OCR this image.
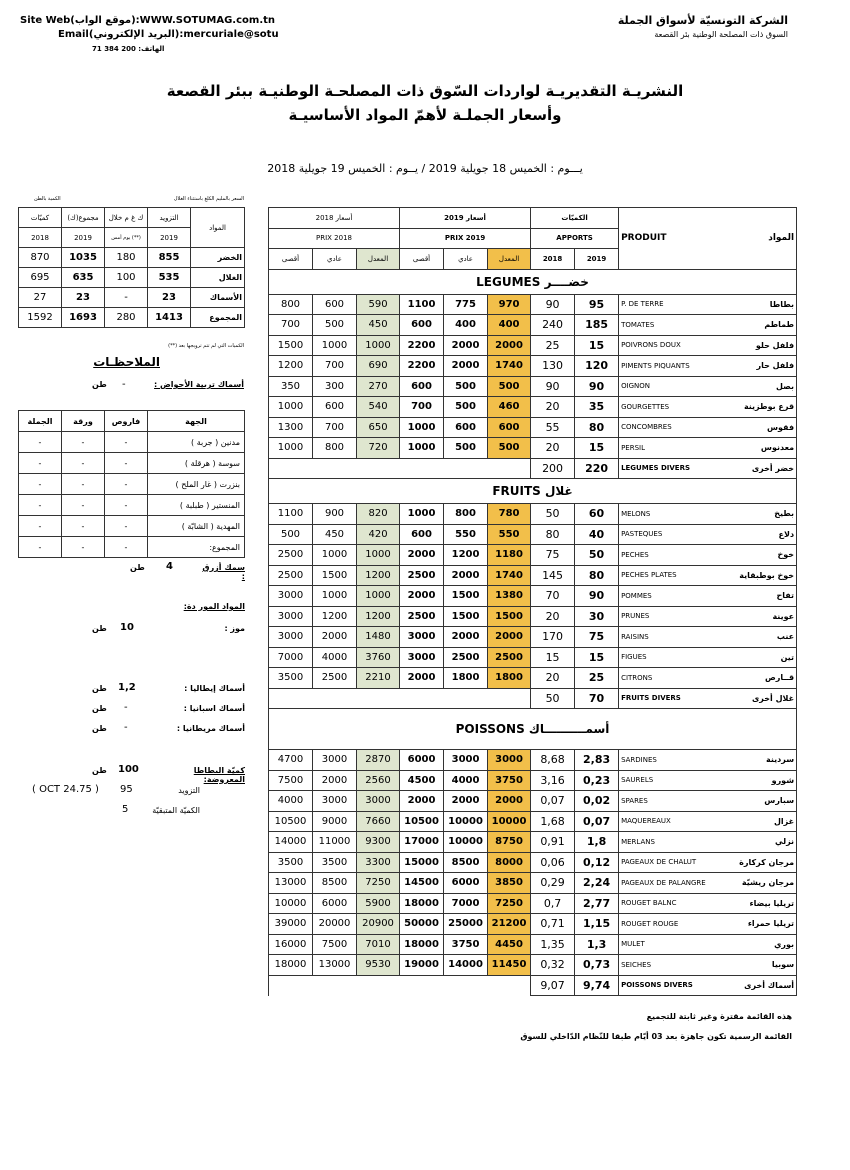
Site Web(موقع الواب):WWW.SOTUMAG.com.tn
Email(البريد الإلكتروني):mercuriale@sotu
الهاتف: 200 384 71
الشركة التونسيّة لأسواق الجملة
السوق ذات المصلحة الوطنية بئر القصعة
النشريـة التقديريـة لواردات السّوق ذات المصلحـة الوطنيـة ببئر القصعة
وأسعار الجملـة لأهمّ المواد الأساسيـة
يـــوم : الخميس 18 جويلية 2019 / يــوم : الخميس 19 جويلية 2018
السعر بالمليم الكلغ باستثناء الغلال
الكمية بالطن
كميّات	مجموع(ك)	ك غ م خلال	التزويد	المواد
2018	2019	يوم أمس (**)	2019	
870	1035	180	855	الخضر
695	635	100	535	الغلال
27	23	-	23	الأسماك
1592	1693	280	1413	المجموع
الكميات التي لم تتم ترويجها بعد (**)
الملاحظـات
أسماك تربية الأحواض :
-
طن
الجملة	ورقة	فاروص	الجهة
-	-	-	مدنين ( جربة )
-	-	-	سوسة ( هرقلة )
-	-	-	بنزرت ( غار الملح )
-	-	-	المنستير ( طبلبة )
-	-	-	المهدية ( الشابّة )
-	-	-	المجموع:
سمك أزرق :
4
طن
المواد المور دة:
موز :
10
طن
أسماك إيطاليا :
1,2
طن
أسماك اسبانيا :
-
طن
أسماك مريطانيا :
-
طن
كميّة البطاطا المعروضة:
100
طن
التزويد
95
( OCT 24.75 )
الكميّة المتبقيّة
5
أسعار 2018			أسعار 2019			الكميّات		PRODUIT	المواد
PRIX 2018			PRIX 2019			APPORTS			
أقصى	عادي	المعدل	أقصى	عادي	المعدل	2018	2019		
LEGUMES خضــــر									
800	600	590	1100	775	970	90	95	P. DE TERRE	بطاطا
700	500	450	600	400	400	240	185	TOMATES	طماطم
1500	1000	1000	2200	2000	2000	25	15	POIVRONS DOUX	فلفل حلو
1200	700	690	2200	2000	1740	130	120	PIMENTS PIQUANTS	فلفل حار
350	300	270	600	500	500	90	90	OIGNON	بصل
1000	600	540	700	500	460	20	35	GOURGETTES	قرع بوطزينة
1300	700	650	1000	600	600	55	80	CONCOMBRES	فقوس
1000	800	720	1000	500	500	20	15	PERSIL	معدنوس
						200	220	LEGUMES DIVERS	خضر أخرى
FRUITS غلال									
1100	900	820	1000	800	780	50	60	MELONS	بطيخ
500	450	420	600	550	550	80	40	PASTEQUES	دلاع
2500	1000	1000	2000	1200	1180	75	50	PECHES	خوخ
2500	1500	1200	2500	2000	1740	145	80	PECHES PLATES	خوخ بوطبقاية
3000	1000	1000	2000	1500	1380	70	90	POMMES	تفاح
3000	1200	1200	2500	1500	1500	20	30	PRUNES	عوينة
3000	2000	1480	3000	2000	2000	170	75	RAISINS	عنب
7000	4000	3760	3000	2500	2500	15	15	FIGUES	تين
3500	2500	2210	2000	1800	1800	20	25	CITRONS	قــارص
						50	70	FRUITS DIVERS	غلال أخرى
POISSONS أسمــــــــــاك									
4700	3000	2870	6000	3000	3000	8,68	2,83	SARDINES	سردينة
7500	2000	2560	4500	4000	3750	3,16	0,23	SAURELS	شورو
4000	3000	3000	2000	2000	2000	0,07	0,02	SPARES	سبارس
10500	9000	7660	10500	10000	10000	1,68	0,07	MAQUEREAUX	غزال
14000	11000	9300	17000	10000	8750	0,91	1,8	MERLANS	نزلي
3500	3500	3300	15000	8500	8000	0,06	0,12	PAGEAUX DE CHALUT	مرجان كركارة
13000	8500	7250	14500	6000	3850	0,29	2,24	PAGEAUX DE PALANGRE	مرجان ريشيّة
10000	6000	5900	18000	7000	7250	0,7	2,77	ROUGET BALNC	تريليا بيضاء
39000	20000	20900	50000	25000	21200	0,71	1,15	ROUGET ROUGE	تريليا حمراء
16000	7500	7010	18000	3750	4450	1,35	1,3	MULET	بوري
18000	13000	9530	19000	14000	11450	0,32	0,73	SEICHES	سوبيا
						9,07	9,74	POISSONS DIVERS	أسماك أخرى
هذه القائمة مقترة وغير ثابتة للتجميع
القائمة الرسمية تكون جاهزة بعد 03 أيّام طبقا للنّظام الدّاخلي للسوق
